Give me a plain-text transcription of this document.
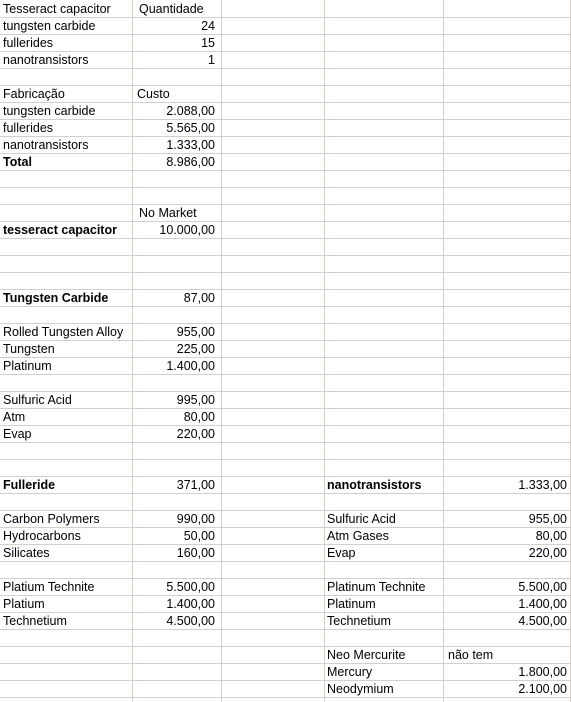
Tesseract capacitor	Quantidade
tungsten carbide	24
fullerides	15
nanotransistors	1
Fabricação	Custo
tungsten carbide	2.088,00
fullerides	5.565,00
nanotransistors	1.333,00
Total	8.986,00
No Market
tesseract capacitor	10.000,00
Tungsten Carbide	87,00
Rolled Tungsten Alloy	955,00
Tungsten	225,00
Platinum	1.400,00
Sulfuric Acid	995,00
Atm	80,00
Evap	220,00
Fulleride	371,00	nanotransistors	1.333,00
Carbon Polymers	990,00	Sulfuric Acid	955,00
Hydrocarbons	50,00	Atm Gases	80,00
Silicates	160,00	Evap	220,00
Platium Technite	5.500,00	Platinum Technite	5.500,00
Platium	1.400,00	Platinum	1.400,00
Technetium	4.500,00	Technetium	4.500,00
Neo Mercurite	não tem
Mercury	1.800,00
Neodymium	2.100,00
